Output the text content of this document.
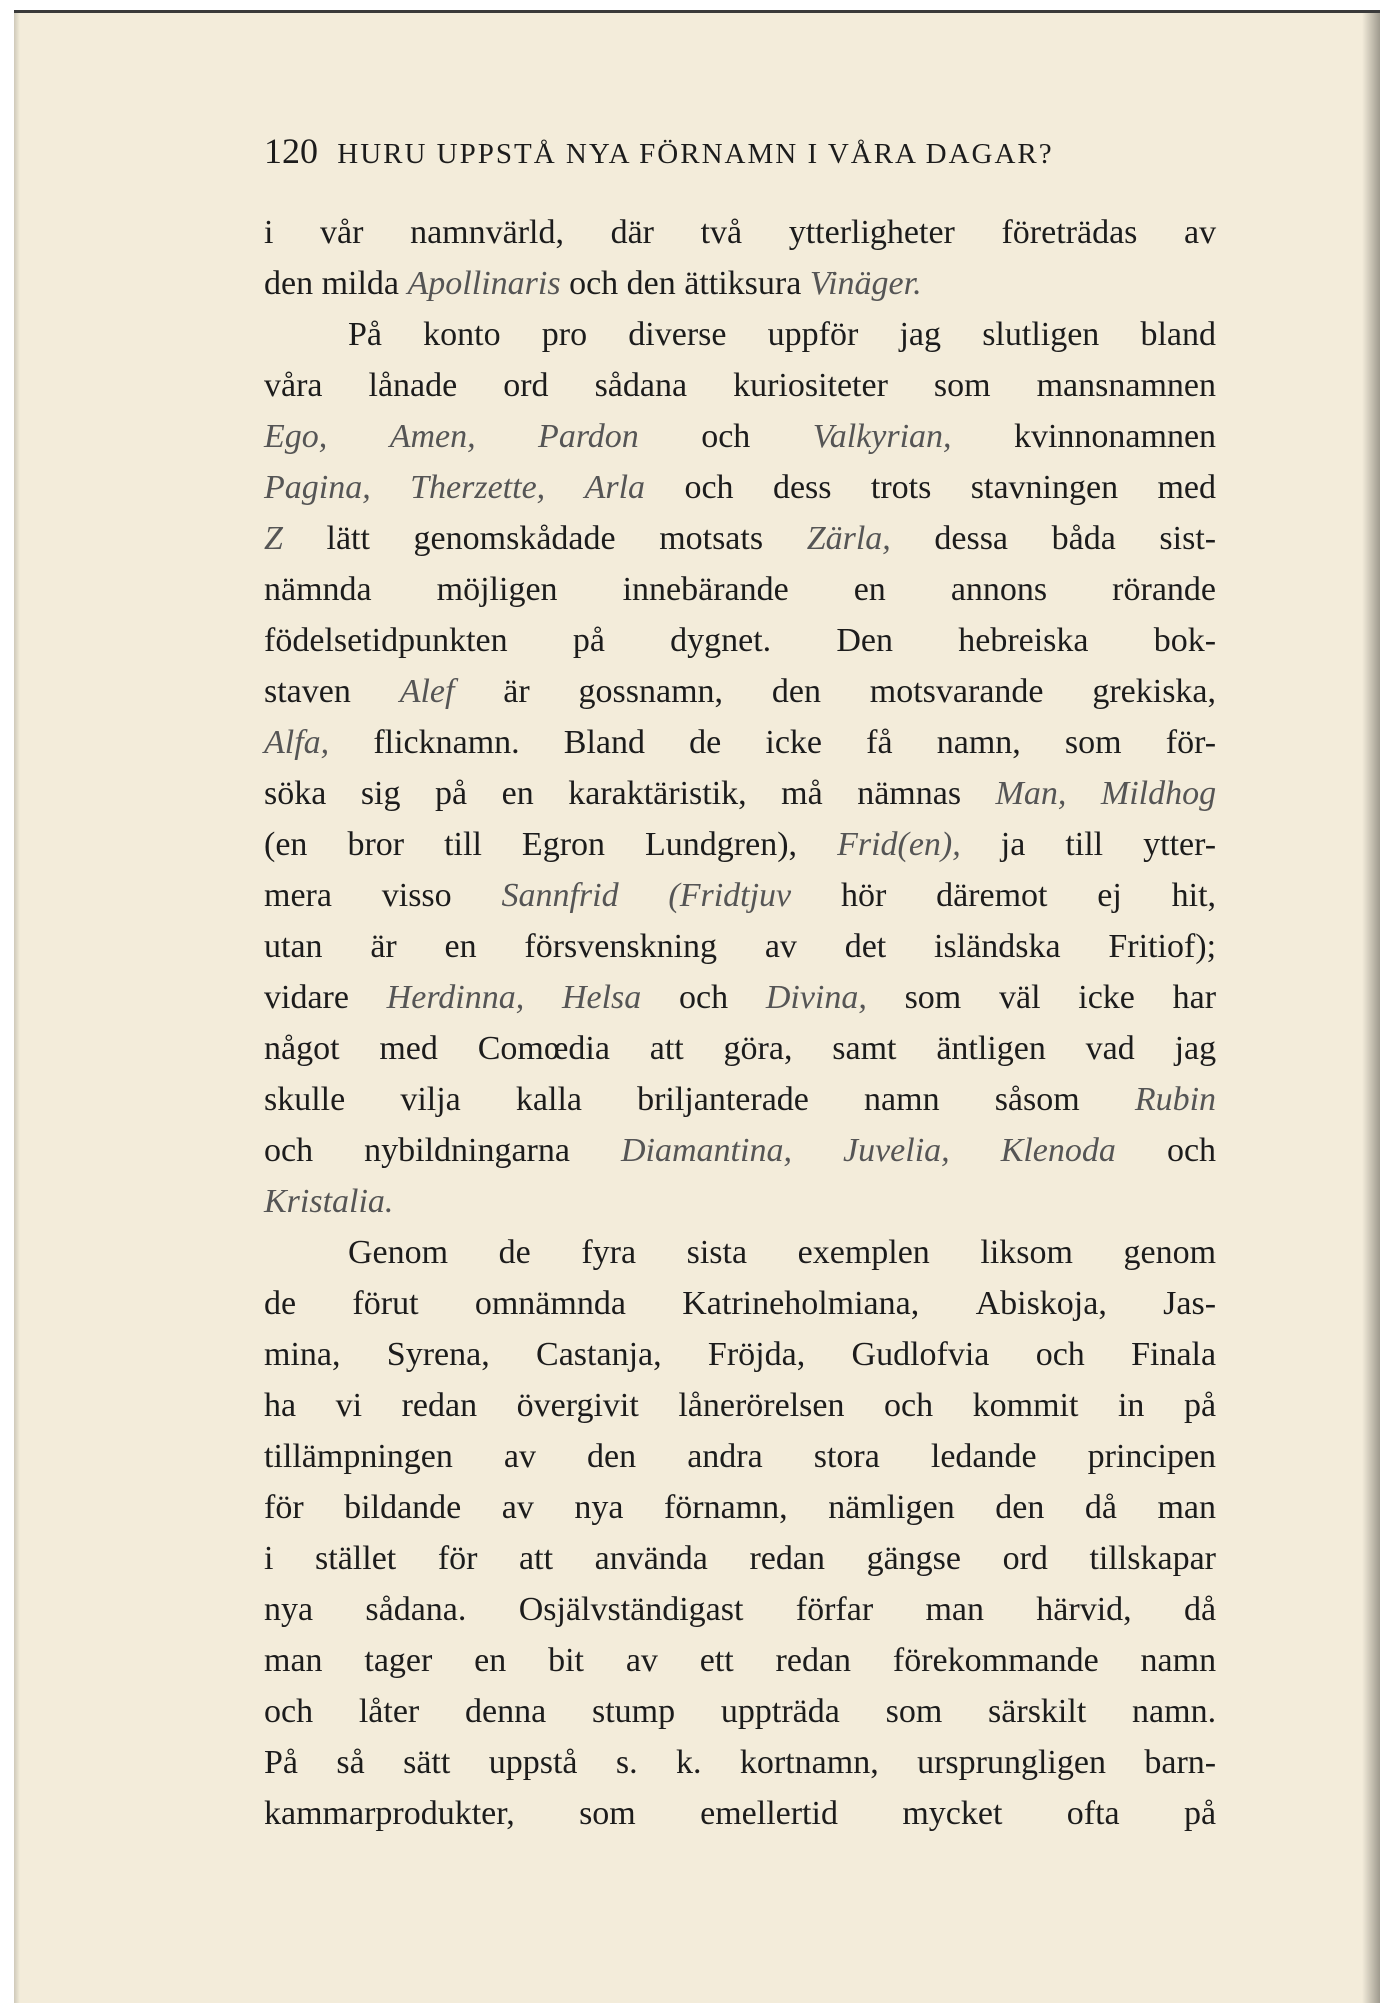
120 HURU UPPSTÅ NYA FÖRNAMN I VÅRA DAGAR?
i vår namnvärld, där två ytterligheter företrädas av
den milda Apollinaris och den ättiksura Vinäger.
På konto pro diverse uppför jag slutligen bland
våra lånade ord sådana kuriositeter som mansnamnen
Ego, Amen, Pardon och Valkyrian, kvinnonamnen
Pagina, Therzette, Arla och dess trots stavningen med
Z lätt genomskådade motsats Zärla, dessa båda sist-
nämnda möjligen innebärande en annons rörande
födelsetidpunkten på dygnet. Den hebreiska bok-
staven Alef är gossnamn, den motsvarande grekiska,
Alfa, flicknamn. Bland de icke få namn, som för-
söka sig på en karaktäristik, må nämnas Man, Mildhog
(en bror till Egron Lundgren), Frid(en), ja till ytter-
mera visso Sannfrid (Fridtjuv hör däremot ej hit,
utan är en försvenskning av det isländska Fritiof);
vidare Herdinna, Helsa och Divina, som väl icke har
något med Comœdia att göra, samt äntligen vad jag
skulle vilja kalla briljanterade namn såsom Rubin
och nybildningarna Diamantina, Juvelia, Klenoda och
Kristalia.
Genom de fyra sista exemplen liksom genom
de förut omnämnda Katrineholmiana, Abiskoja, Jas-
mina, Syrena, Castanja, Fröjda, Gudlofvia och Finala
ha vi redan övergivit lånerörelsen och kommit in på
tillämpningen av den andra stora ledande principen
för bildande av nya förnamn, nämligen den då man
i stället för att använda redan gängse ord tillskapar
nya sådana. Osjälvständigast förfar man härvid, då
man tager en bit av ett redan förekommande namn
och låter denna stump uppträda som särskilt namn.
På så sätt uppstå s. k. kortnamn, ursprungligen barn-
kammarprodukter, som emellertid mycket ofta på
